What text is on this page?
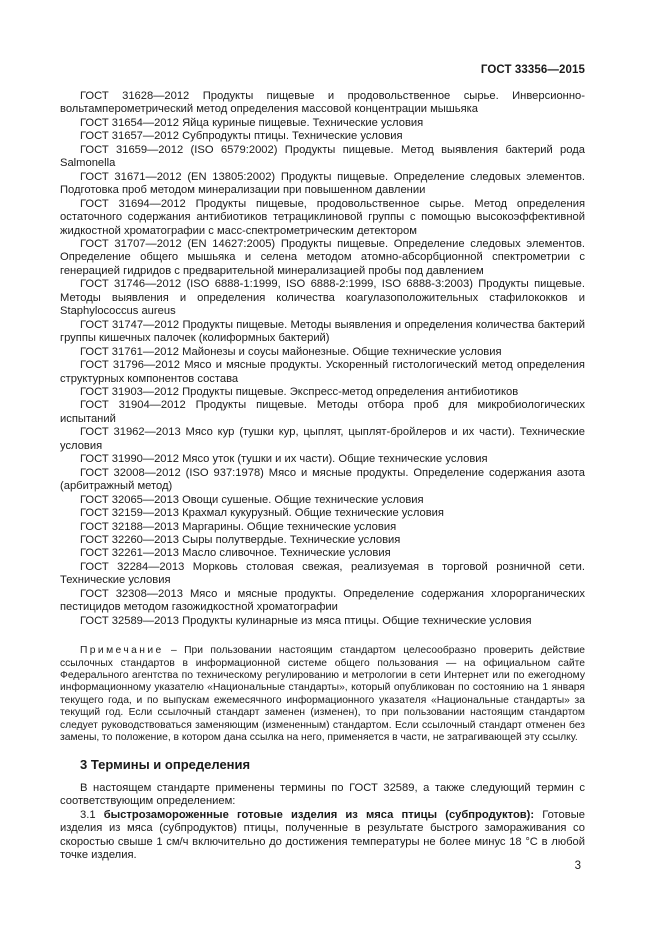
ГОСТ 33356—2015

ГОСТ 31628—2012 Продукты пищевые и продовольственное сырье. Инверсионно-вольтамперометрический метод определения массовой концентрации мышьяка

ГОСТ 31654—2012 Яйца куриные пищевые. Технические условия

ГОСТ 31657—2012 Субпродукты птицы. Технические условия

ГОСТ 31659—2012 (ISO 6579:2002) Продукты пищевые. Метод выявления бактерий рода Salmonella

ГОСТ 31671—2012 (EN 13805:2002) Продукты пищевые. Определение следовых элементов. Подготовка проб методом минерализации при повышенном давлении

ГОСТ 31694—2012 Продукты пищевые, продовольственное сырье. Метод определения остаточного содержания антибиотиков тетрациклиновой группы с помощью высокоэффективной жидкостной хроматографии с масс-спектрометрическим детектором

ГОСТ 31707—2012 (EN 14627:2005) Продукты пищевые. Определение следовых элементов. Определение общего мышьяка и селена методом атомно-абсорбционной спектрометрии с генерацией гидридов с предварительной минерализацией пробы под давлением

ГОСТ 31746—2012 (ISO 6888-1:1999, ISO 6888-2:1999, ISO 6888-3:2003) Продукты пищевые. Методы выявления и определения количества коагулазоположительных стафилококков и Staphylococcus aureus

ГОСТ 31747—2012 Продукты пищевые. Методы выявления и определения количества бактерий группы кишечных палочек (колиформных бактерий)

ГОСТ 31761—2012 Майонезы и соусы майонезные. Общие технические условия

ГОСТ 31796—2012 Мясо и мясные продукты. Ускоренный гистологический метод определения структурных компонентов состава

ГОСТ 31903—2012 Продукты пищевые. Экспресс-метод определения антибиотиков

ГОСТ 31904—2012 Продукты пищевые. Методы отбора проб для микробиологических испытаний

ГОСТ 31962—2013 Мясо кур (тушки кур, цыплят, цыплят-бройлеров и их части). Технические условия

ГОСТ 31990—2012 Мясо уток (тушки и их части). Общие технические условия

ГОСТ 32008—2012 (ISO 937:1978) Мясо и мясные продукты. Определение содержания азота (арбитражный метод)

ГОСТ 32065—2013 Овощи сушеные. Общие технические условия

ГОСТ 32159—2013 Крахмал кукурузный. Общие технические условия

ГОСТ 32188—2013 Маргарины. Общие технические условия

ГОСТ 32260—2013 Сыры полутвердые. Технические условия

ГОСТ 32261—2013 Масло сливочное. Технические условия

ГОСТ 32284—2013 Морковь столовая свежая, реализуемая в торговой розничной сети. Технические условия

ГОСТ 32308—2013 Мясо и мясные продукты. Определение содержания хлорорганических пестицидов методом газожидкостной хроматографии

ГОСТ 32589—2013 Продукты кулинарные из мяса птицы. Общие технические условия

Примечание – При пользовании настоящим стандартом целесообразно проверить действие ссылочных стандартов в информационной системе общего пользования — на официальном сайте Федерального агентства по техническому регулированию и метрологии в сети Интернет или по ежегодному информационному указателю «Национальные стандарты», который опубликован по состоянию на 1 января текущего года, и по выпускам ежемесячного информационного указателя «Национальные стандарты» за текущий год. Если ссылочный стандарт заменен (изменен), то при пользовании настоящим стандартом следует руководствоваться заменяющим (измененным) стандартом. Если ссылочный стандарт отменен без замены, то положение, в котором дана ссылка на него, применяется в части, не затрагивающей эту ссылку.
3 Термины и определения

В настоящем стандарте применены термины по ГОСТ 32589, а также следующий термин с соответствующим определением:

3.1 быстрозамороженные готовые изделия из мяса птицы (субпродуктов): Готовые изделия из мяса (субпродуктов) птицы, полученные в результате быстрого замораживания со скоростью свыше 1 см/ч включительно до достижения температуры не более минус 18 °С в любой точке изделия.

3
